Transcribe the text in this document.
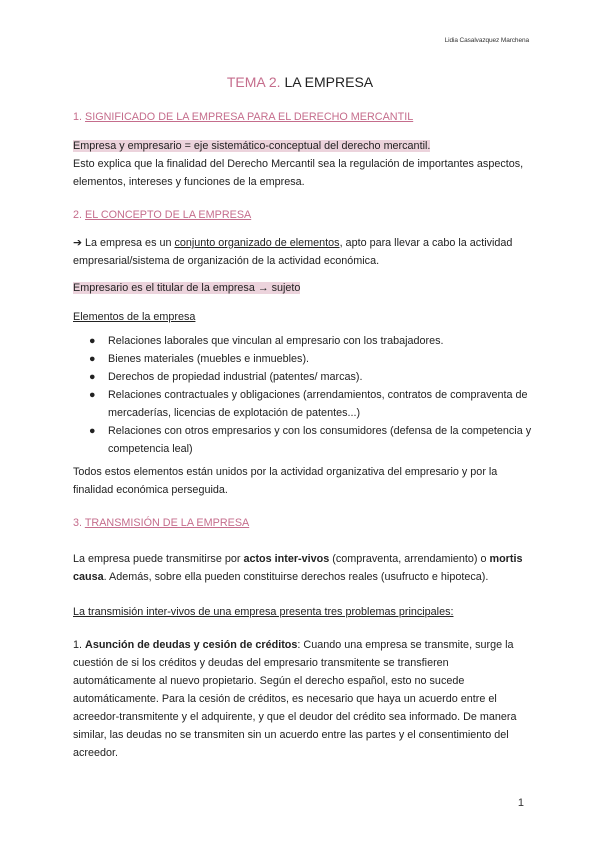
Lidia Casalvazquez Marchena
TEMA 2. LA EMPRESA
1. SIGNIFICADO DE LA EMPRESA PARA EL DERECHO MERCANTIL
Empresa y empresario = eje sistemático-conceptual del derecho mercantil.
Esto explica que la finalidad del Derecho Mercantil sea la regulación de importantes aspectos, elementos, intereses y funciones de la empresa.
2. EL CONCEPTO DE LA EMPRESA
➔ La empresa es un conjunto organizado de elementos, apto para llevar a cabo la actividad empresarial/sistema de organización de la actividad económica.
Empresario es el titular de la empresa → sujeto
Elementos de la empresa
● Relaciones laborales que vinculan al empresario con los trabajadores.
● Bienes materiales (muebles e inmuebles).
● Derechos de propiedad industrial (patentes/ marcas).
● Relaciones contractuales y obligaciones (arrendamientos, contratos de compraventa de mercaderías, licencias de explotación de patentes...)
● Relaciones con otros empresarios y con los consumidores (defensa de la competencia y competencia leal)
Todos estos elementos están unidos por la actividad organizativa del empresario y por la finalidad económica perseguida.
3. TRANSMISIÓN DE LA EMPRESA
La empresa puede transmitirse por actos inter-vivos (compraventa, arrendamiento) o mortis causa. Además, sobre ella pueden constituirse derechos reales (usufructo e hipoteca).
La transmisión inter-vivos de una empresa presenta tres problemas principales:
1. Asunción de deudas y cesión de créditos: Cuando una empresa se transmite, surge la cuestión de si los créditos y deudas del empresario transmitente se transfieren automáticamente al nuevo propietario. Según el derecho español, esto no sucede automáticamente. Para la cesión de créditos, es necesario que haya un acuerdo entre el acreedor-transmitente y el adquirente, y que el deudor del crédito sea informado. De manera similar, las deudas no se transmiten sin un acuerdo entre las partes y el consentimiento del acreedor.
1
